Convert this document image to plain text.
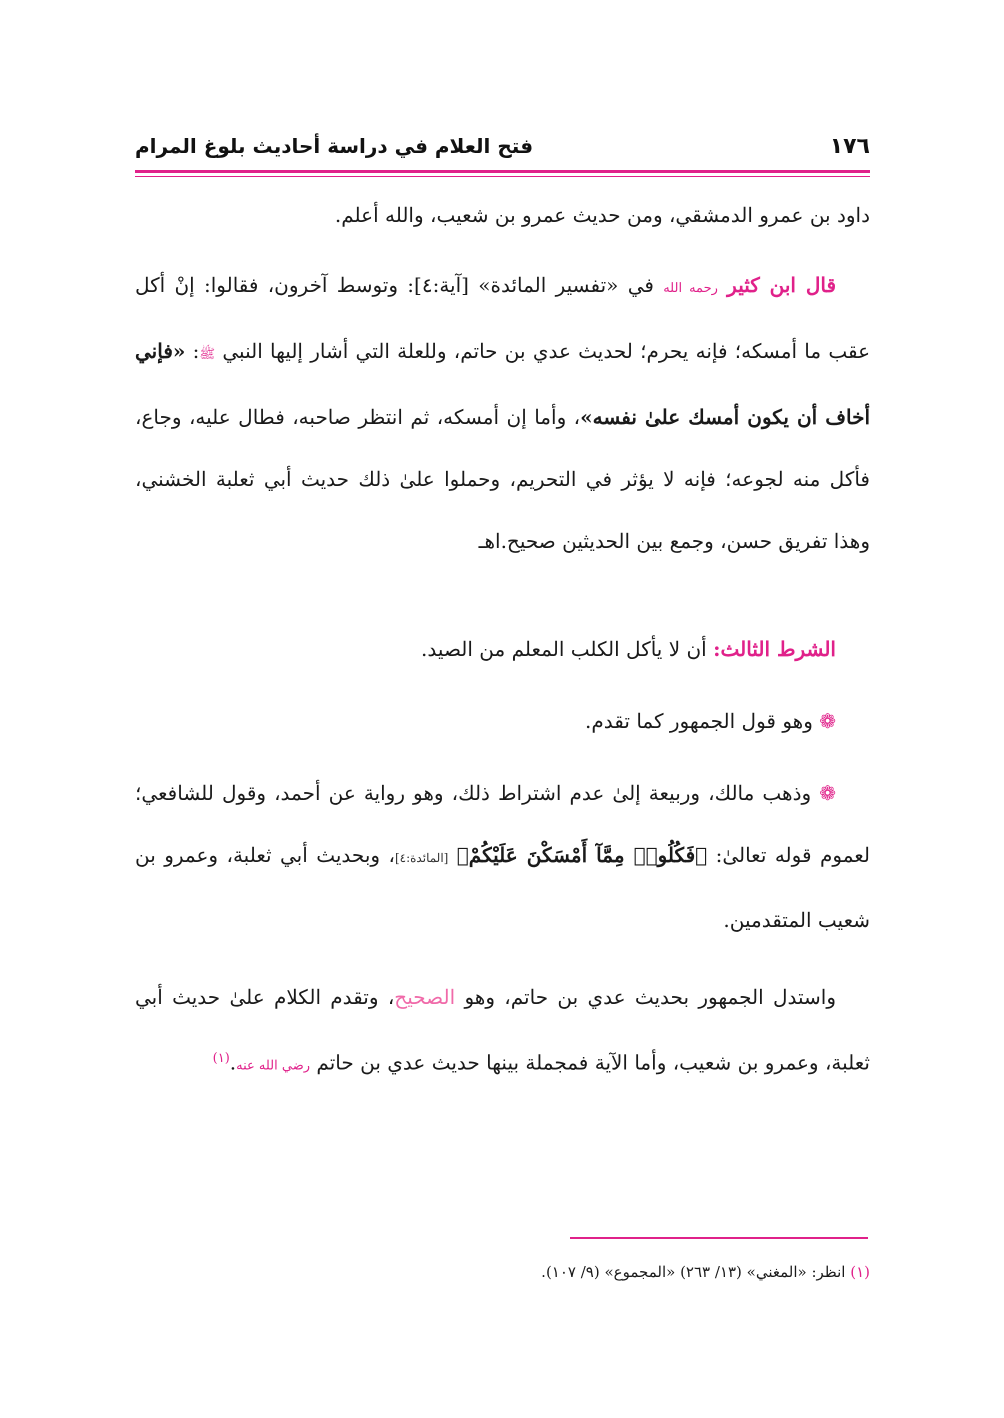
١٧٦
فتح العلام في دراسة أحاديث بلوغ المرام
داود بن عمرو الدمشقي، ومن حديث عمرو بن شعيب، والله أعلم.
قال ابن كثير رحمه الله في «تفسير المائدة» [آية:٤]: وتوسط آخرون، فقالوا: إنْ أكل عقب ما أمسكه؛ فإنه يحرم؛ لحديث عدي بن حاتم، وللعلة التي أشار إليها النبي ﷺ: «فإني أخاف أن يكون أمسك علىٰ نفسه»، وأما إن أمسكه، ثم انتظر صاحبه، فطال عليه، وجاع، فأكل منه لجوعه؛ فإنه لا يؤثر في التحريم، وحملوا علىٰ ذلك حديث أبي ثعلبة الخشني، وهذا تفريق حسن، وجمع بين الحديثين صحيح.اهـ
الشرط الثالث: أن لا يأكل الكلب المعلم من الصيد.
❁ وهو قول الجمهور كما تقدم.
❁ وذهب مالك، وربيعة إلىٰ عدم اشتراط ذلك، وهو رواية عن أحمد، وقول للشافعي؛ لعموم قوله تعالىٰ: ﴿فَكُلُوا۟ مِمَّآ أَمْسَكْنَ عَلَيْكُمْ﴾ [المائدة:٤]، وبحديث أبي ثعلبة، وعمرو بن شعيب المتقدمين.
واستدل الجمهور بحديث عدي بن حاتم، وهو الصحيح، وتقدم الكلام علىٰ حديث أبي ثعلبة، وعمرو بن شعيب، وأما الآية فمجملة بينها حديث عدي بن حاتم رضي الله عنه.$^{(١)}$
(١) انظر: «المغني» (١٣/ ٢٦٣) «المجموع» (٩/ ١٠٧).
